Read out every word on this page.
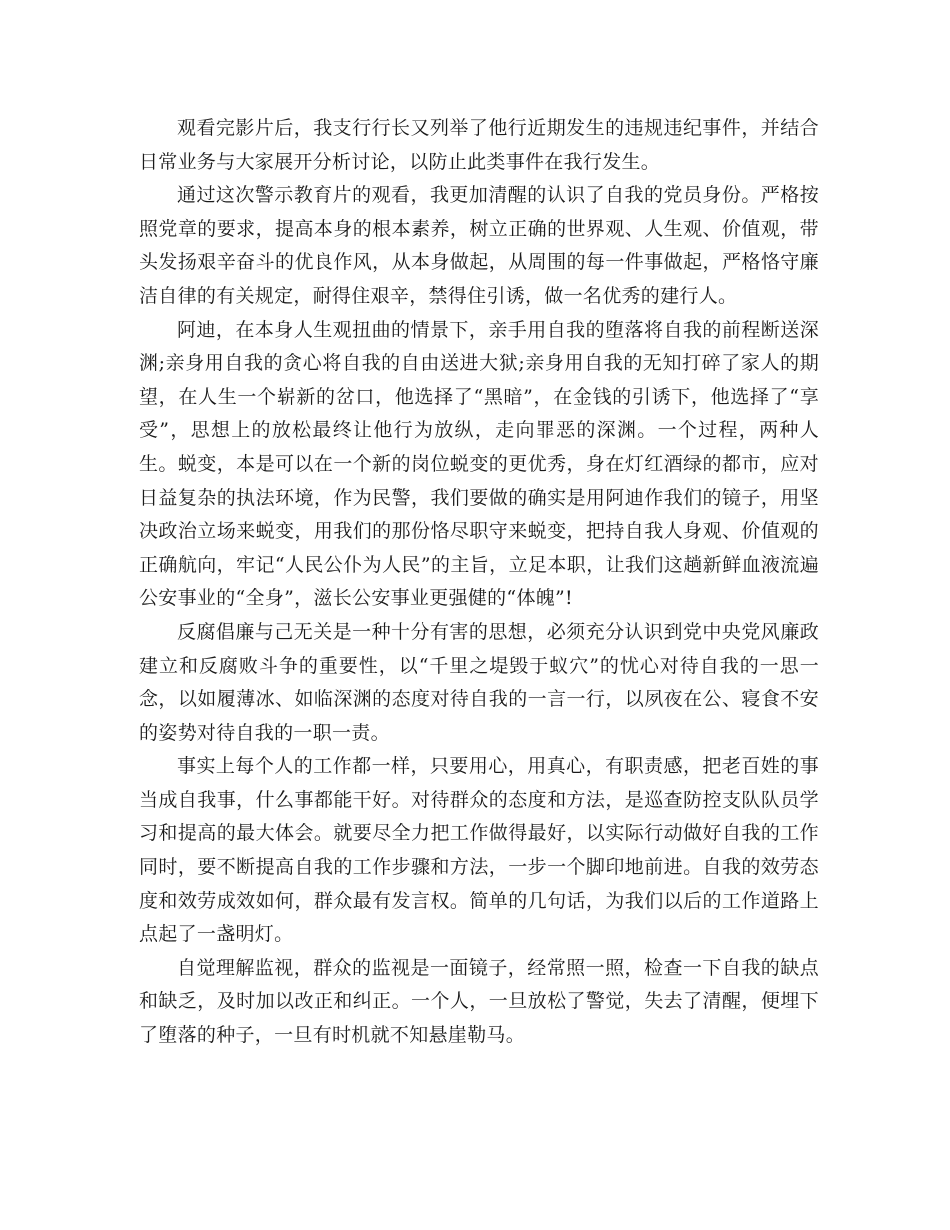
观看完影片后，我支行行长又列举了他行近期发生的违规违纪事件，并结合日常业务与大家展开分析讨论，以防止此类事件在我行发生。

通过这次警示教育片的观看，我更加清醒的认识了自我的党员身份。严格按照党章的要求，提高本身的根本素养，树立正确的世界观、人生观、价值观，带头发扬艰辛奋斗的优良作风，从本身做起，从周围的每一件事做起，严格恪守廉洁自律的有关规定，耐得住艰辛，禁得住引诱，做一名优秀的建行人。

阿迪，在本身人生观扭曲的情景下，亲手用自我的堕落将自我的前程断送深渊;亲身用自我的贪心将自我的自由送进大狱;亲身用自我的无知打碎了家人的期望，在人生一个崭新的岔口，他选择了“黑暗”，在金钱的引诱下，他选择了“享受”，思想上的放松最终让他行为放纵，走向罪恶的深渊。一个过程，两种人生。蜕变，本是可以在一个新的岗位蜕变的更优秀，身在灯红酒绿的都市，应对日益复杂的执法环境，作为民警，我们要做的确实是用阿迪作我们的镜子，用坚决政治立场来蜕变，用我们的那份恪尽职守来蜕变，把持自我人身观、价值观的正确航向，牢记“人民公仆为人民”的主旨，立足本职，让我们这趟新鲜血液流遍公安事业的“全身”，滋长公安事业更强健的“体魄”!

反腐倡廉与己无关是一种十分有害的思想，必须充分认识到党中央党风廉政建立和反腐败斗争的重要性，以“千里之堤毁于蚁穴”的忧心对待自我的一思一念，以如履薄冰、如临深渊的态度对待自我的一言一行，以夙夜在公、寝食不安的姿势对待自我的一职一责。

事实上每个人的工作都一样，只要用心，用真心，有职责感，把老百姓的事当成自我事，什么事都能干好。对待群众的态度和方法，是巡查防控支队队员学习和提高的最大体会。就要尽全力把工作做得最好，以实际行动做好自我的工作同时，要不断提高自我的工作步骤和方法，一步一个脚印地前进。自我的效劳态度和效劳成效如何，群众最有发言权。简单的几句话，为我们以后的工作道路上点起了一盏明灯。

自觉理解监视，群众的监视是一面镜子，经常照一照，检查一下自我的缺点和缺乏，及时加以改正和纠正。一个人，一旦放松了警觉，失去了清醒，便埋下了堕落的种子，一旦有时机就不知悬崖勒马。
